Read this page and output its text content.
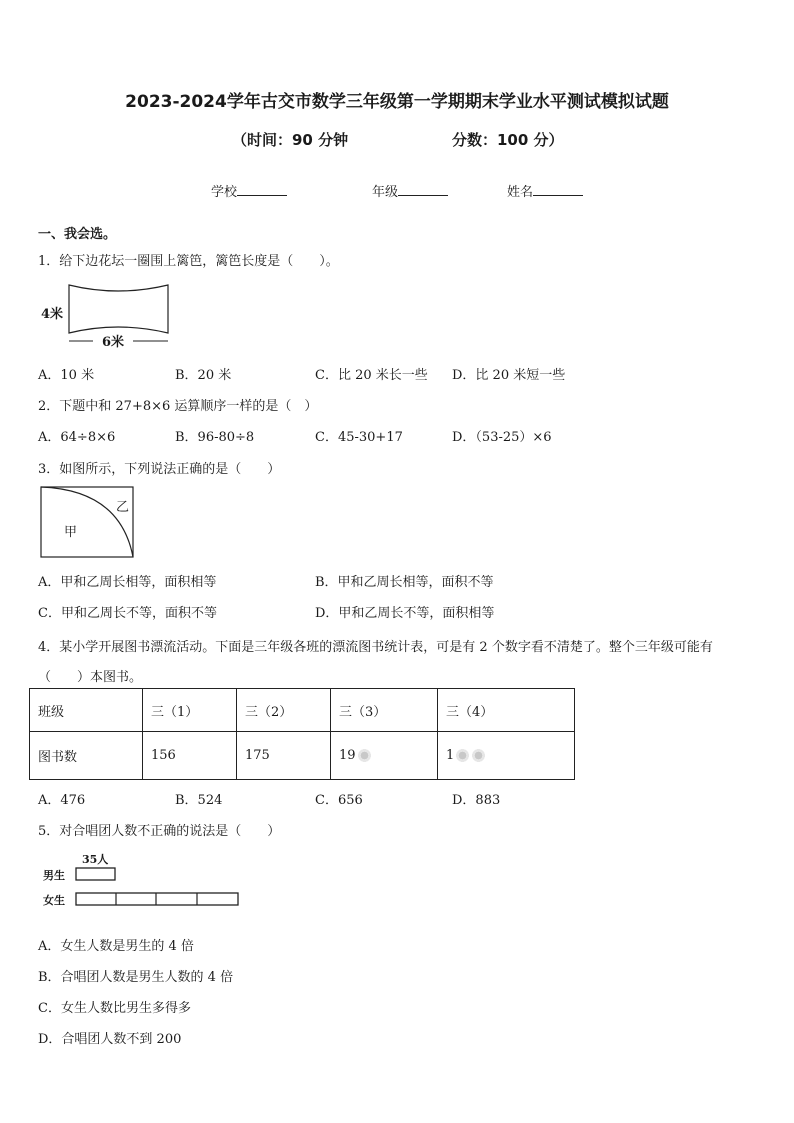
2023-2024学年古交市数学三年级第一学期期末学业水平测试模拟试题
（时间：90 分钟	分数：100 分）
学校	年级	姓名
一、我会选。
1．给下边花坛一圈围上篱笆，篱笆长度是（　　）。
4米
6米
A．10 米	B．20 米	C．比 20 米长一些 D．比 20 米短一些
2．下题中和 27+8×6 运算顺序一样的是（　）
A．64÷8×6	B．96-80÷8	C．45-30+17	D．（53-25）×6
3．如图所示，下列说法正确的是（　　）
甲
乙
A．甲和乙周长相等，面积相等	B．甲和乙周长相等，面积不等
C．甲和乙周长不等，面积不等	D．甲和乙周长不等，面积相等
4．某小学开展图书漂流活动。下面是三年级各班的漂流图书统计表，可是有 2 个数字看不清楚了。整个三年级可能有
（　　）本图书。
班级	三（1）	三（2）	三（3）	三（4）
图书数	156	175	19	1
A．476	B．524	C．656	D．883
5．对合唱团人数不正确的说法是（　　）
35人
男生
女生
A．女生人数是男生的 4 倍
B．合唱团人数是男生人数的 4 倍
C．女生人数比男生多得多
D．合唱团人数不到 200
